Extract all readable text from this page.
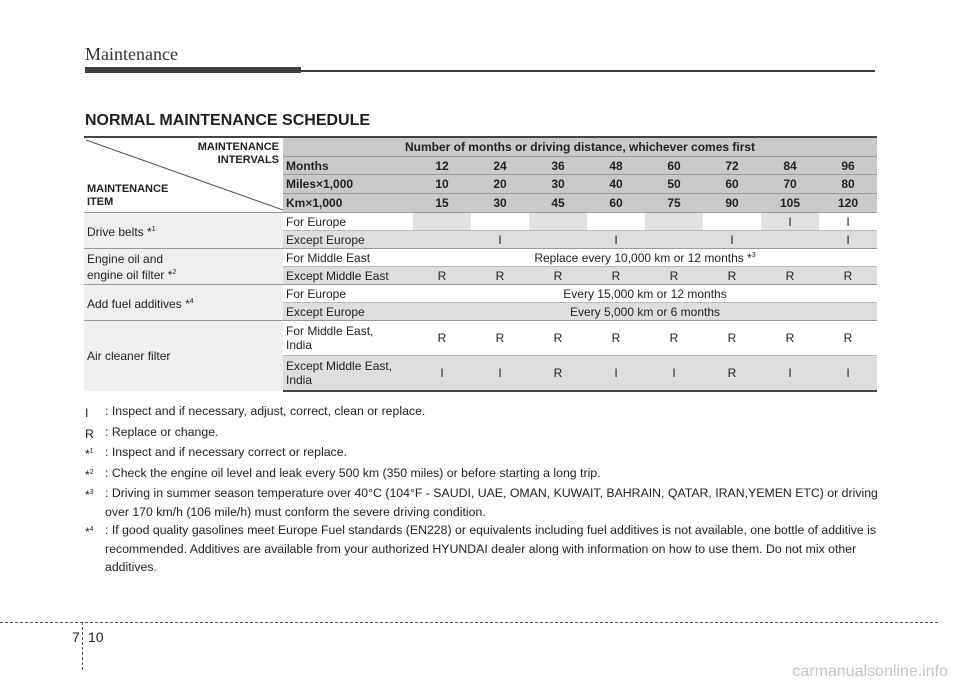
Maintenance
NORMAL MAINTENANCE SCHEDULE
MAINTENANCE
INTERVALS
MAINTENANCE
ITEM	Number of months or driving distance, whichever comes first								
	Months	12	24	36	48	60	72	84	96
	Miles×1,000	10	20	30	40	50	60	70	80
	Km×1,000	15	30	45	60	75	90	105	120
Drive belts *$^1$	For Europe							I	I
	Except Europe		I		I		I		I

Engine oil and
engine oil filter *$^2$	For Middle East	Replace every 10,000 km or 12 months *$^3$
	Except Middle East	R	R	R	R	R	R	R	R
Add fuel additives *$^4$	For Europe	Every 15,000 km or 12 months							
	Except Europe	Every 5,000 km or 6 months							
Air cleaner filter	For Middle East,
India	R	R	R	R	R	R	R	R

	Except Middle East,
India	I	I	R	I	I	R	I	I
I	: Inspect and if necessary, adjust, correct, clean or replace.
R : Replace or change.
*$^1$ : Inspect and if necessary correct or replace.
*$^2$ : Check the engine oil level and leak every 500 km (350 miles) or before starting a long trip.
*$^3$ : Driving in summer season temperature over 40°C (104°F - SAUDI, UAE, OMAN, KUWAIT, BAHRAIN, QATAR, IRAN,YEMEN ETC) or driving over 170 km/h (106 mile/h) must conform the severe driving condition.
*$^4$ : If good quality gasolines meet Europe Fuel standards (EN228) or equivalents including fuel additives is not available, one bottle of additive is recommended. Additives are available from your authorized HYUNDAI dealer along with information on how to use them. Do not mix other additives.
7 10
carmanualsonline.info
